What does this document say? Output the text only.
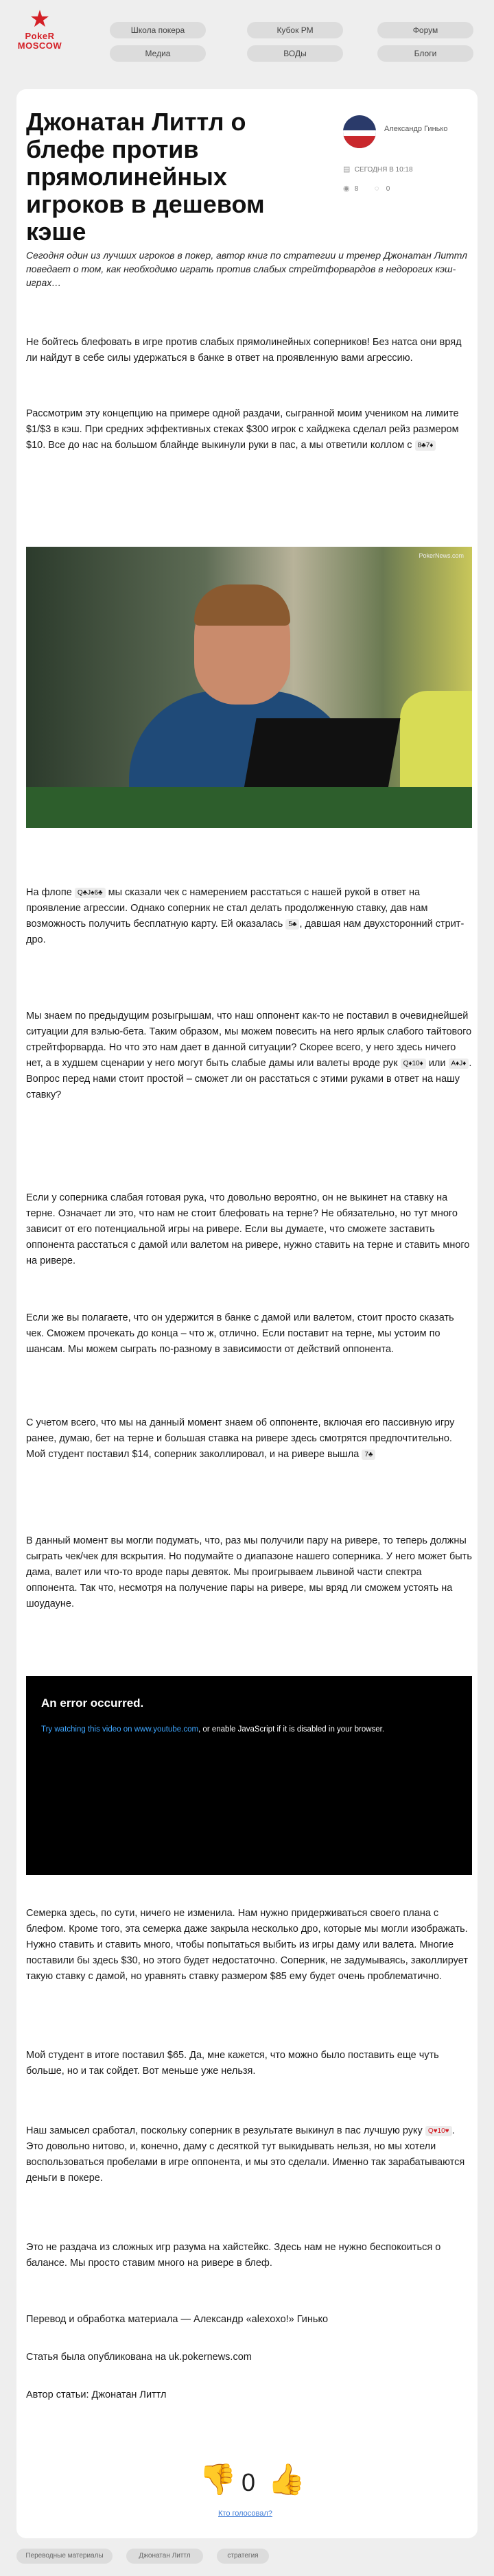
★
PokeR
MOSCOW
Школа покера	Кубок РМ	Форум
Медиа	ВОДы	Блоги
Джонатан Литтл о блефе против прямолинейных игроков в дешевом кэше
Александр Гинько
▤ СЕГОДНЯ В 10:18
◉ 8 ◌ 0

Сегодня один из лучших игроков в покер, автор книг по стратегии и тренер Джонатан Литтл поведает о том, как необходимо играть против слабых стрейтфорвардов в недорогих кэш-играх…

Не бойтесь блефовать в игре против слабых прямолинейных соперников! Без натса они вряд ли найдут в себе силы удержаться в банке в ответ на проявленную вами агрессию.

Рассмотрим эту концепцию на примере одной раздачи, сыгранной моим учеником на лимите $1/$3 в кэш. При средних эффективных стеках $300 игрок с хайджека сделал рейз размером $10. Все до нас на большом блайнде выкинули руки в пас, а мы ответили коллом с 8♣7♦

PokerNews.com

На флопе Q♣J♠6♣ мы сказали чек с намерением расстаться с нашей рукой в ответ на проявление агрессии. Однако соперник не стал делать продолженную ставку, дав нам возможность получить бесплатную карту. Ей оказалась 5♣ , давшая нам двухсторонний стрит-дро.

Мы знаем по предыдущим розыгрышам, что наш оппонент как-то не поставил в очевиднейшей ситуации для вэлью-бета. Таким образом, мы можем повесить на него ярлык слабого тайтового стрейтфорварда. Но что это нам дает в данной ситуации? Скорее всего, у него здесь ничего нет, а в худшем сценарии у него могут быть слабые дамы или валеты вроде рук Q♦10♦ или A♦J♦ . Вопрос перед нами стоит простой – сможет ли он расстаться с этими руками в ответ на нашу ставку?

Если у соперника слабая готовая рука, что довольно вероятно, он не выкинет на ставку на терне. Означает ли это, что нам не стоит блефовать на терне? Не обязательно, но тут много зависит от его потенциальной игры на ривере. Если вы думаете, что сможете заставить оппонента расстаться с дамой или валетом на ривере, нужно ставить на терне и ставить много на ривере.

Если же вы полагаете, что он удержится в банке с дамой или валетом, стоит просто сказать чек. Сможем прочекать до конца – что ж, отлично. Если поставит на терне, мы устоим по шансам. Мы можем сыграть по-разному в зависимости от действий оппонента.

С учетом всего, что мы на данный момент знаем об оппоненте, включая его пассивную игру ранее, думаю, бет на терне и большая ставка на ривере здесь смотрятся предпочтительно. Мой студент поставил $14, соперник заколлировал, и на ривере вышла 7♣

В данный момент вы могли подумать, что, раз мы получили пару на ривере, то теперь должны сыграть чек/чек для вскрытия. Но подумайте о диапазоне нашего соперника. У него может быть дама, валет или что-то вроде пары девяток. Мы проигрываем львиной части спектра оппонента. Так что, несмотря на получение пары на ривере, мы вряд ли сможем устоять на шоудауне.

An error occurred.
Try watching this video on www.youtube.com, or enable JavaScript if it is disabled in your browser.

Семерка здесь, по сути, ничего не изменила. Нам нужно придерживаться своего плана с блефом. Кроме того, эта семерка даже закрыла несколько дро, которые мы могли изображать. Нужно ставить и ставить много, чтобы попытаться выбить из игры даму или валета. Многие поставили бы здесь $30, но этого будет недостаточно. Соперник, не задумываясь, заколлирует такую ставку с дамой, но уравнять ставку размером $85 ему будет очень проблематично.

Мой студент в итоге поставил $65. Да, мне кажется, что можно было поставить еще чуть больше, но и так сойдет. Вот меньше уже нельзя.

Наш замысел сработал, поскольку соперник в результате выкинул в пас лучшую руку Q♥10♥ . Это довольно нитово, и, конечно, даму с десяткой тут выкидывать нельзя, но мы хотели воспользоваться пробелами в игре оппонента, и мы это сделали. Именно так зарабатываются деньги в покере.

Это не раздача из сложных игр разума на хайстейкс. Здесь нам не нужно беспокоиться о балансе. Мы просто ставим много на ривере в блеф.

Перевод и обработка материала — Александр «alexoxo!» Гинько

Статья была опубликована на uk.pokernews.com

Автор статьи: Джонатан Литтл

👎 0 👍
Кто голосовал?
Переводные материалы	Джонатан Литтл	стратегия
